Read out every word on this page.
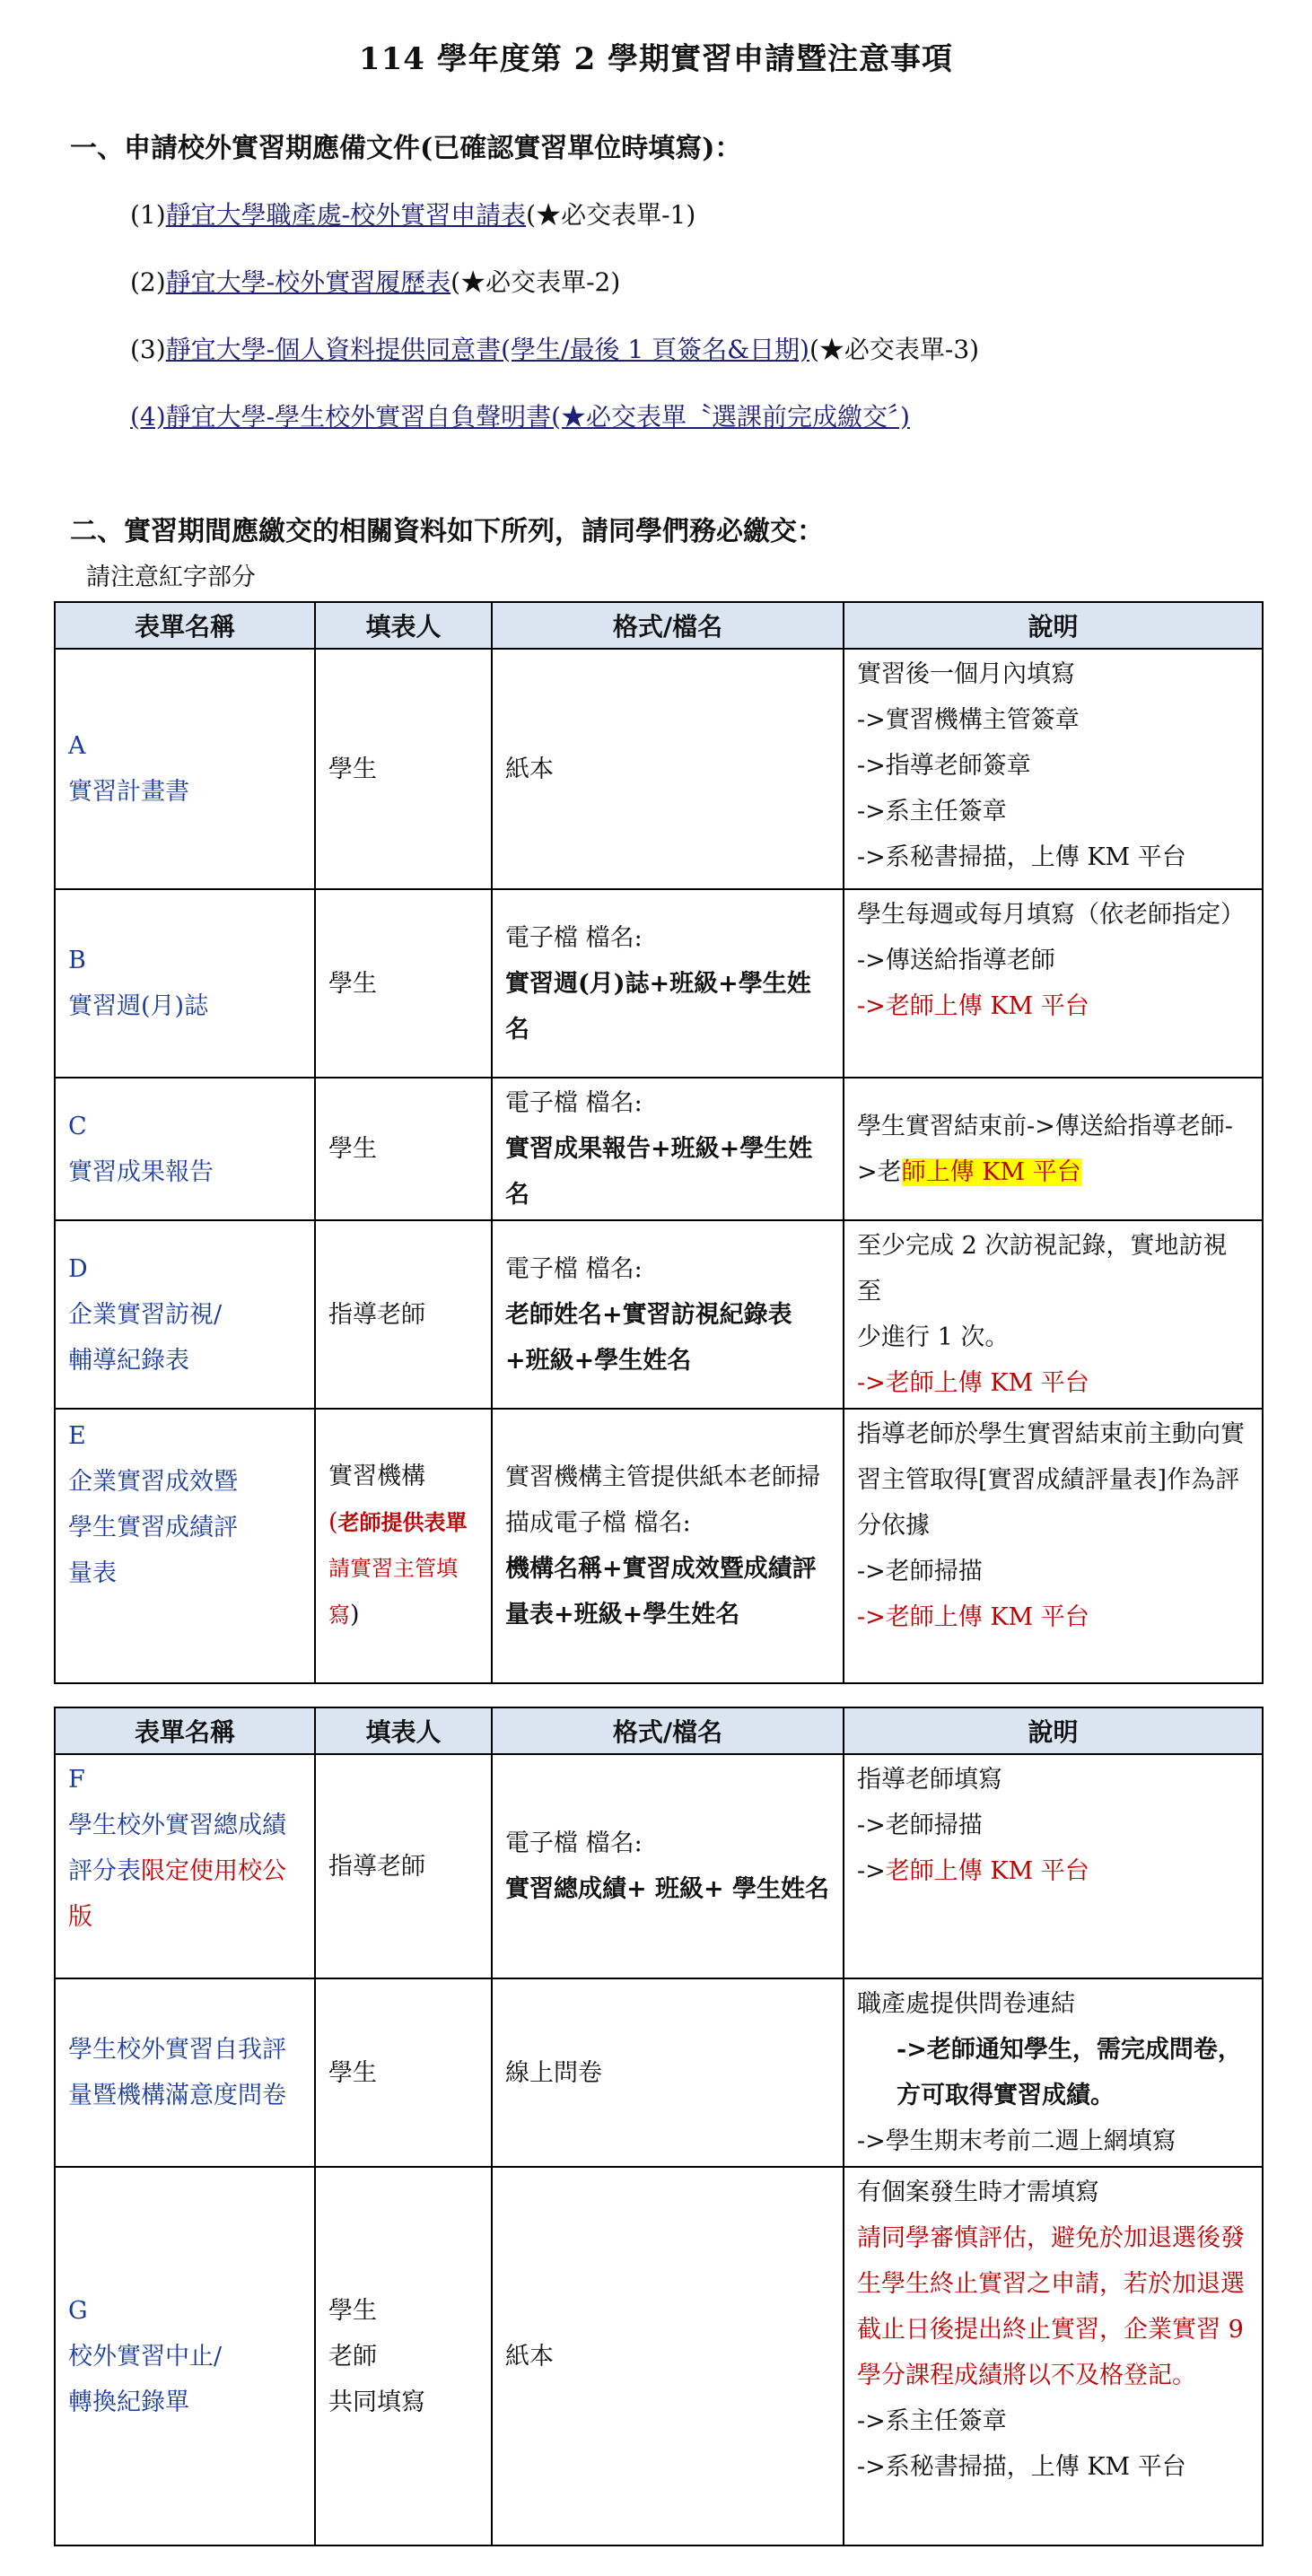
114 學年度第 2 學期實習申請暨注意事項
一、申請校外實習期應備文件(已確認實習單位時填寫)：
(1)靜宜大學職產處-校外實習申請表(★必交表單-1)
(2)靜宜大學-校外實習履歷表(★必交表單-2)
(3)靜宜大學-個人資料提供同意書(學生/最後 1 頁簽名&日期)(★必交表單-3)
(4)靜宜大學-學生校外實習自負聲明書(★必交表單〝選課前完成繳交〞)
二、實習期間應繳交的相關資料如下所列，請同學們務必繳交：
請注意紅字部分
表單名稱	填表人	格式/檔名	說明

A
實習計畫書	學生	紙本	實習後一個月內填寫
->實習機構主管簽章
->指導老師簽章
->系主任簽章
->系秘書掃描，上傳 KM 平台

B
實習週(月)誌	學生	電子檔 檔名:
實習週(月)誌+班級+學生姓名	學生每週或每月填寫（依老師指定）
->傳送給指導老師
->老師上傳 KM 平台

C
實習成果報告	學生	電子檔 檔名:
實習成果報告+班級+學生姓名	學生實習結束前->傳送給指導老師->老師上傳 KM 平台

D
企業實習訪視/
輔導紀錄表	指導老師	電子檔 檔名:
老師姓名+實習訪視紀錄表+班級+學生姓名	至少完成 2 次訪視記錄，實地訪視至
少進行 1 次。
->老師上傳 KM 平台

E
企業實習成效暨
學生實習成績評
量表	實習機構
(老師提供表單請實習主管填寫)	實習機構主管提供紙本老師掃描成電子檔 檔名:
機構名稱+實習成效暨成績評量表+班級+學生姓名	指導老師於學生實習結束前主動向實習主管取得[實習成績評量表]作為評分依據
->老師掃描
->老師上傳 KM 平台
表單名稱	填表人	格式/檔名	說明

F
學生校外實習總成績評分表限定使用校公版	指導老師	電子檔 檔名:
實習總成績+ 班級+ 學生姓名	指導老師填寫
->老師掃描
->老師上傳 KM 平台

學生校外實習自我評量暨機構滿意度問卷	學生	線上問卷	職產處提供問卷連結
->老師通知學生，需完成問卷，方可取得實習成績。
->學生期末考前二週上網填寫

G
校外實習中止/
轉換紀錄單	學生
老師
共同填寫	紙本	有個案發生時才需填寫
請同學審慎評估，避免於加退選後發生學生終止實習之申請，若於加退選截止日後提出終止實習，企業實習 9 學分課程成績將以不及格登記。
->系主任簽章
->系秘書掃描，上傳 KM 平台
